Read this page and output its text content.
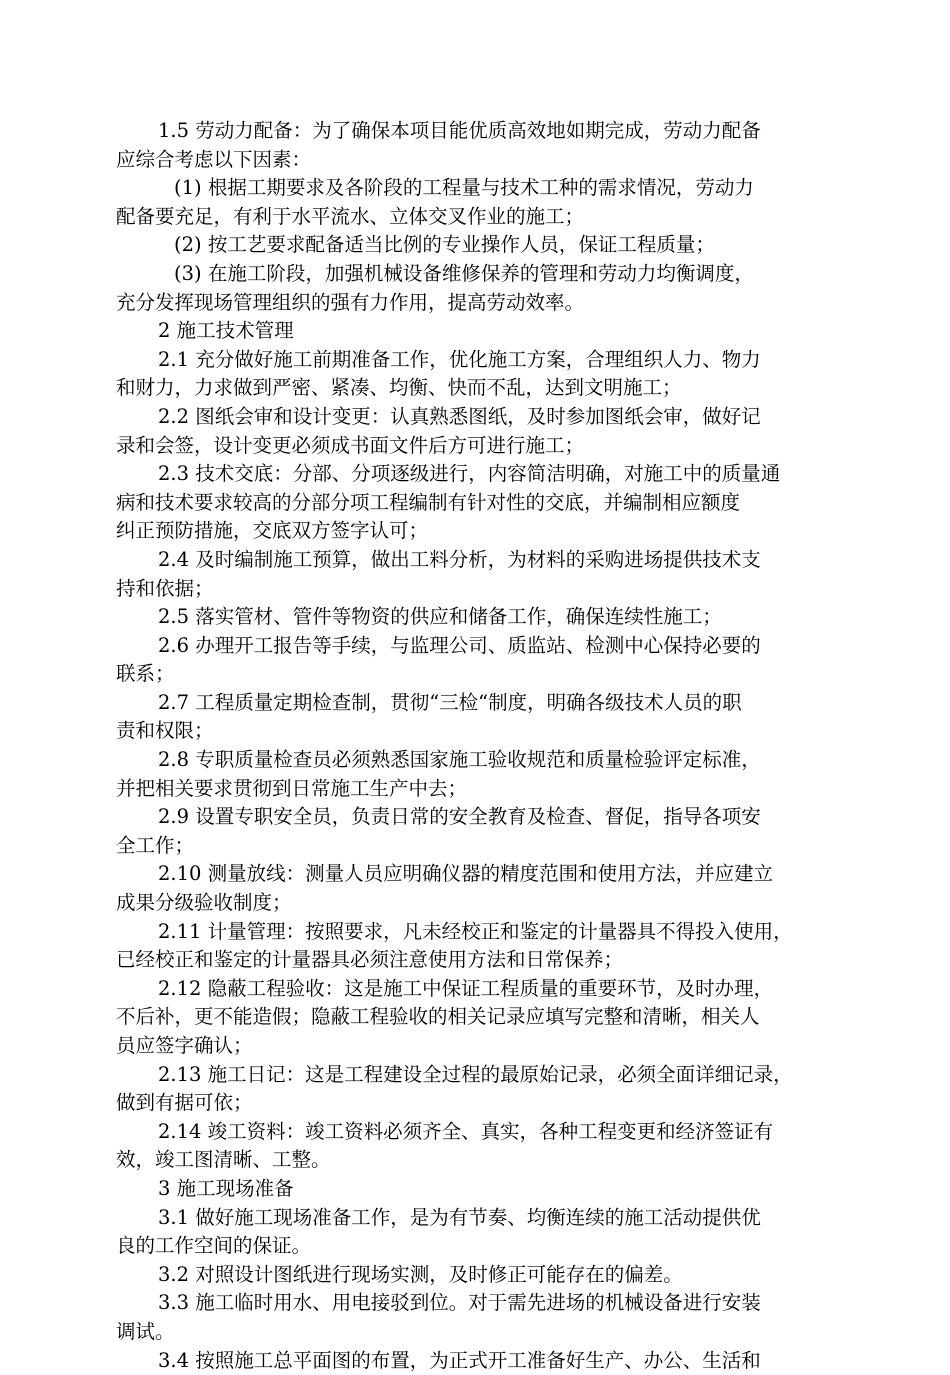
1.5 劳动力配备：为了确保本项目能优质高效地如期完成，劳动力配备
应综合考虑以下因素：
(1) 根据工期要求及各阶段的工程量与技术工种的需求情况，劳动力
配备要充足，有利于水平流水、立体交叉作业的施工；
(2) 按工艺要求配备适当比例的专业操作人员，保证工程质量；
(3) 在施工阶段，加强机械设备维修保养的管理和劳动力均衡调度，
充分发挥现场管理组织的强有力作用，提高劳动效率。
2 施工技术管理
2.1 充分做好施工前期准备工作，优化施工方案，合理组织人力、物力
和财力，力求做到严密、紧凑、均衡、快而不乱，达到文明施工；
2.2 图纸会审和设计变更：认真熟悉图纸，及时参加图纸会审，做好记
录和会签，设计变更必须成书面文件后方可进行施工；
2.3 技术交底：分部、分项逐级进行，内容简洁明确，对施工中的质量通
病和技术要求较高的分部分项工程编制有针对性的交底，并编制相应额度
纠正预防措施，交底双方签字认可；
2.4 及时编制施工预算，做出工料分析，为材料的采购进场提供技术支
持和依据；
2.5 落实管材、管件等物资的供应和储备工作，确保连续性施工；
2.6 办理开工报告等手续，与监理公司、质监站、检测中心保持必要的
联系；
2.7 工程质量定期检查制，贯彻“三检“制度，明确各级技术人员的职
责和权限；
2.8 专职质量检查员必须熟悉国家施工验收规范和质量检验评定标准，
并把相关要求贯彻到日常施工生产中去；
2.9 设置专职安全员，负责日常的安全教育及检查、督促，指导各项安
全工作；
2.10 测量放线：测量人员应明确仪器的精度范围和使用方法，并应建立
成果分级验收制度；
2.11 计量管理：按照要求，凡未经校正和鉴定的计量器具不得投入使用，
已经校正和鉴定的计量器具必须注意使用方法和日常保养；
2.12 隐蔽工程验收：这是施工中保证工程质量的重要环节，及时办理，
不后补，更不能造假；隐蔽工程验收的相关记录应填写完整和清晰，相关人
员应签字确认；
2.13 施工日记：这是工程建设全过程的最原始记录，必须全面详细记录，
做到有据可依；
2.14 竣工资料：竣工资料必须齐全、真实，各种工程变更和经济签证有
效，竣工图清晰、工整。
3 施工现场准备
3.1 做好施工现场准备工作，是为有节奏、均衡连续的施工活动提供优
良的工作空间的保证。
3.2 对照设计图纸进行现场实测，及时修正可能存在的偏差。
3.3 施工临时用水、用电接驳到位。对于需先进场的机械设备进行安装
调试。
3.4 按照施工总平面图的布置，为正式开工准备好生产、办公、生活和
